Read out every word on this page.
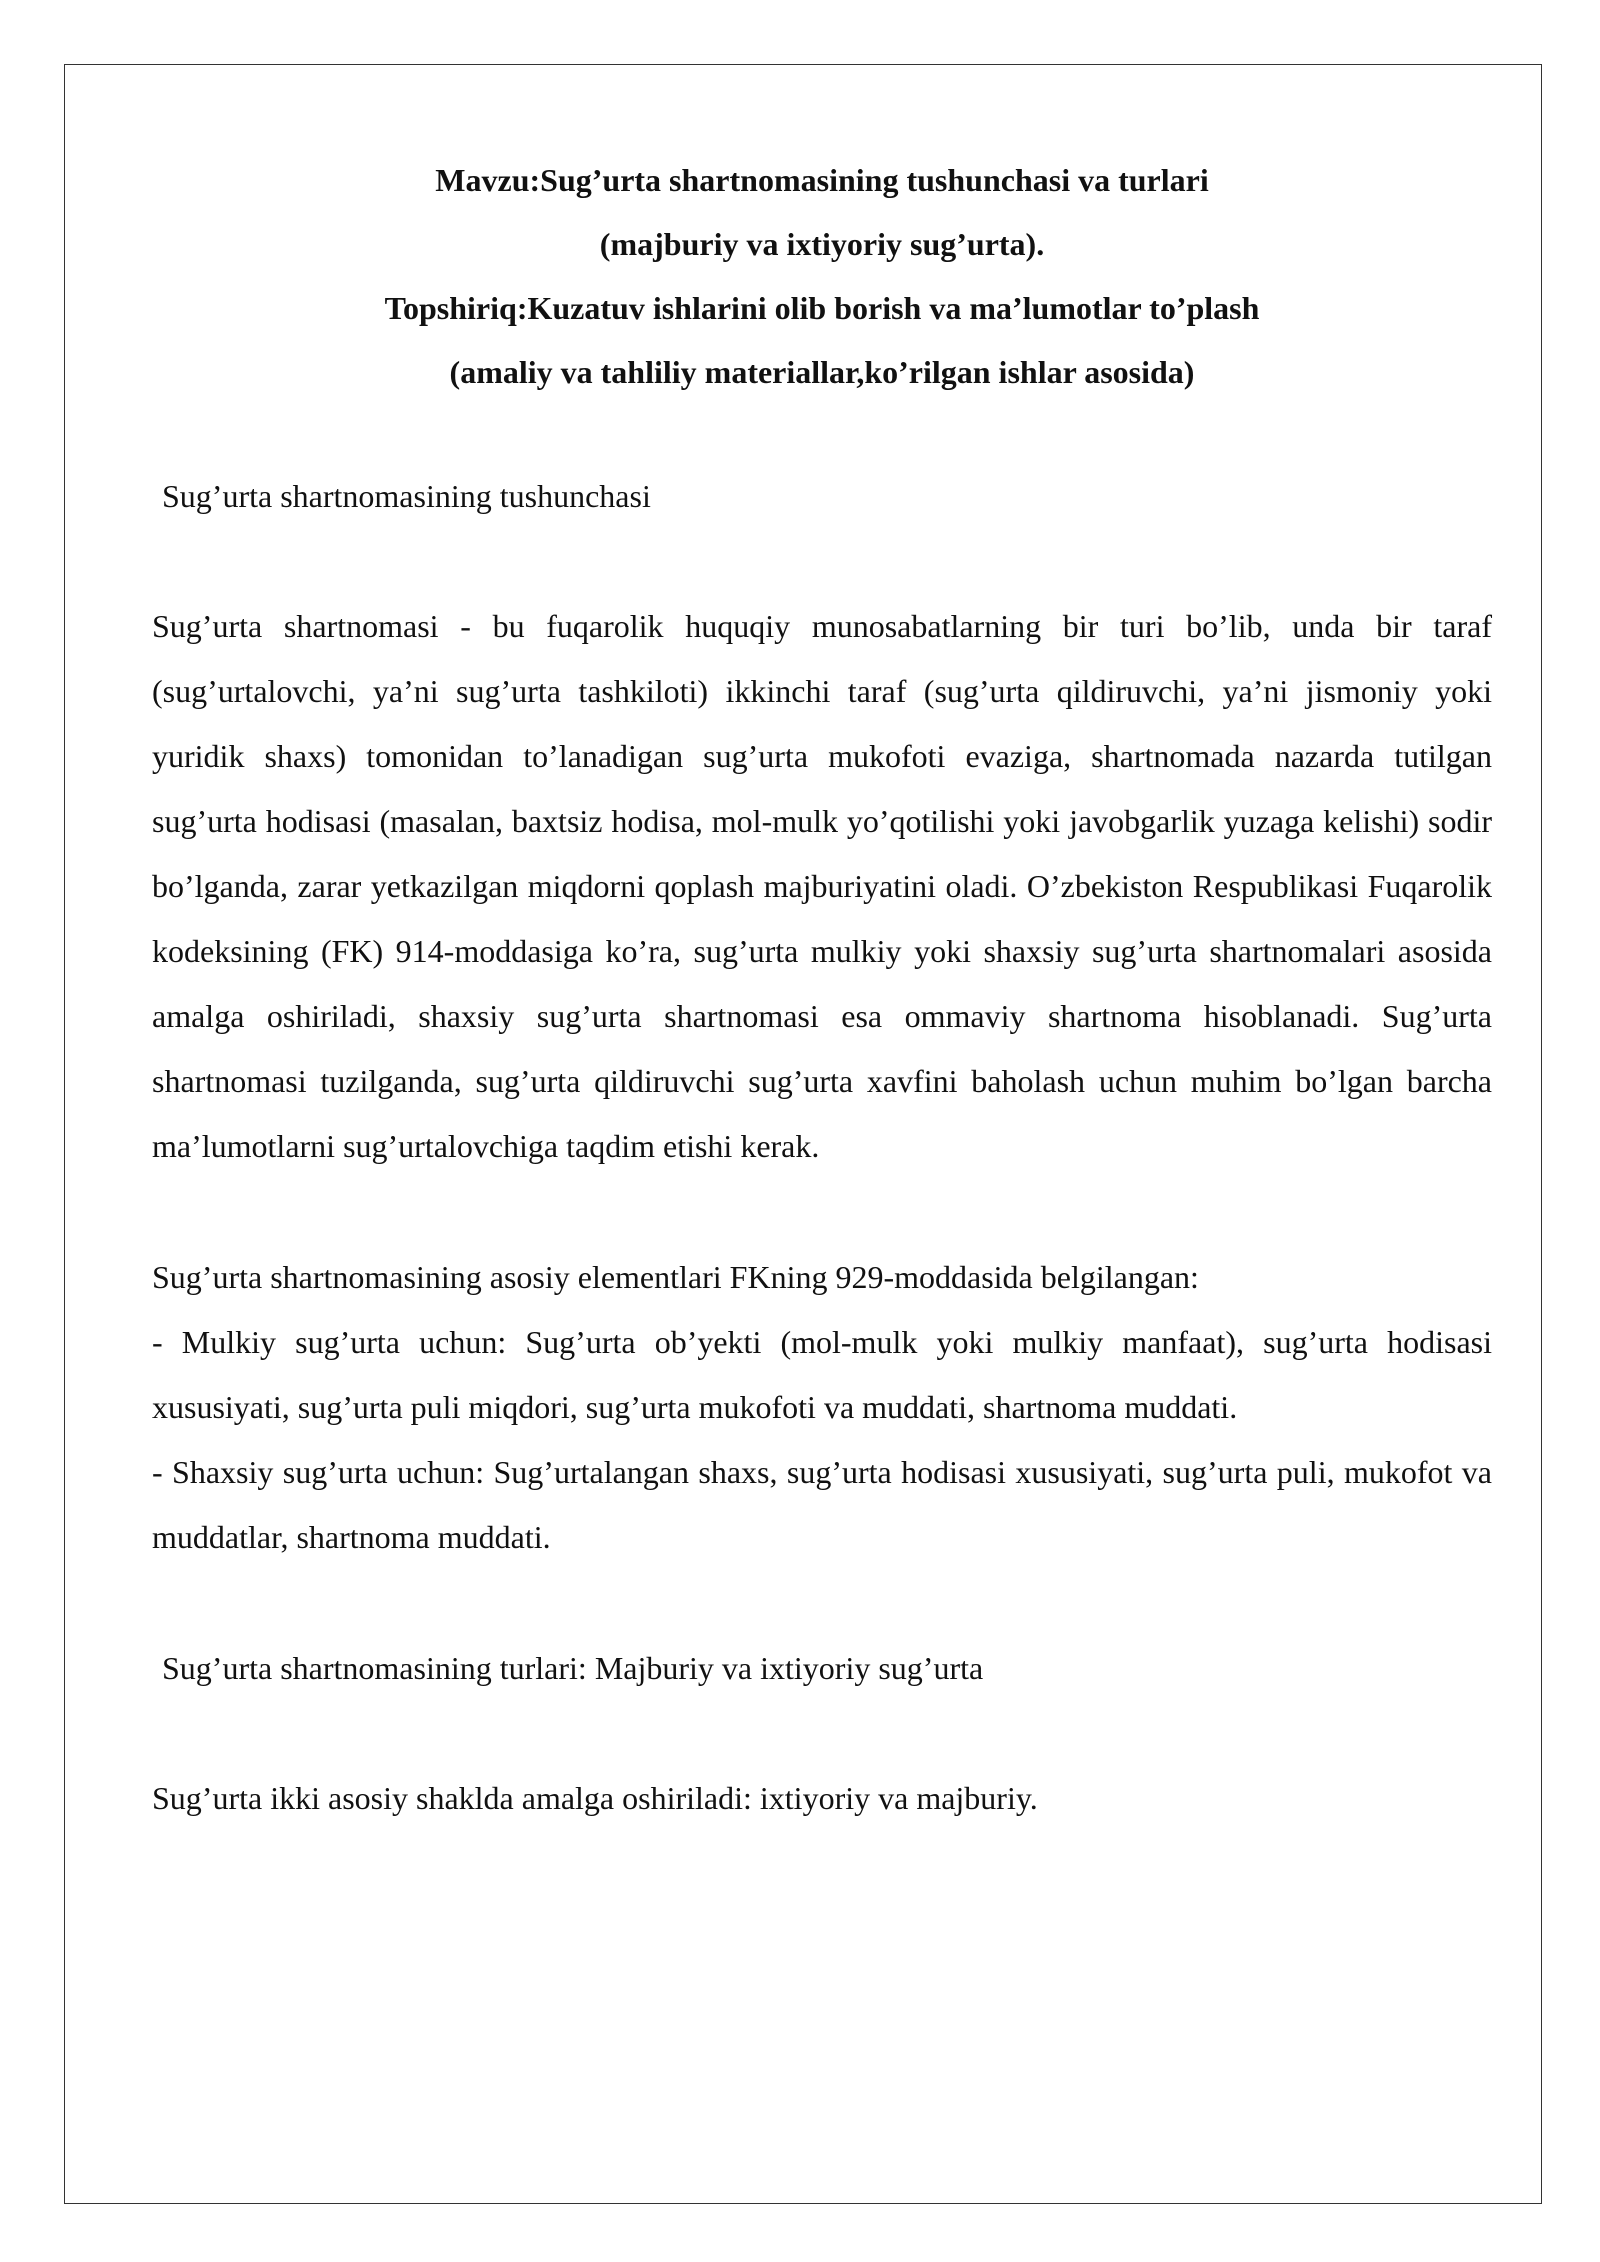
Mavzu:Sug’urta shartnomasining tushunchasi va turlari
(majburiy va ixtiyoriy sug’urta).
Topshiriq:Kuzatuv ishlarini olib borish va ma’lumotlar to’plash
(amaliy va tahliliy materiallar,ko’rilgan ishlar asosida)

Sug’urta shartnomasining tushunchasi

Sug’urta shartnomasi - bu fuqarolik huquqiy munosabatlarning bir turi bo’lib, unda bir taraf (sug’urtalovchi, ya’ni sug’urta tashkiloti) ikkinchi taraf (sug’urta qildiruvchi, ya’ni jismoniy yoki yuridik shaxs) tomonidan to’lanadigan sug’urta mukofoti evaziga, shartnomada nazarda tutilgan sug’urta hodisasi (masalan, baxtsiz hodisa, mol-mulk yo’qotilishi yoki javobgarlik yuzaga kelishi) sodir bo’lganda, zarar yetkazilgan miqdorni qoplash majburiyatini oladi. O’zbekiston Respublikasi Fuqarolik kodeksining (FK) 914-moddasiga ko’ra, sug’urta mulkiy yoki shaxsiy sug’urta shartnomalari asosida amalga oshiriladi, shaxsiy sug’urta shartnomasi esa ommaviy shartnoma hisoblanadi. Sug’urta shartnomasi tuzilganda, sug’urta qildiruvchi sug’urta xavfini baholash uchun muhim bo’lgan barcha ma’lumotlarni sug’urtalovchiga taqdim etishi kerak.

Sug’urta shartnomasining asosiy elementlari FKning 929-moddasida belgilangan:

- Mulkiy sug’urta uchun: Sug’urta ob’yekti (mol-mulk yoki mulkiy manfaat), sug’urta hodisasi xususiyati, sug’urta puli miqdori, sug’urta mukofoti va muddati, shartnoma muddati.

- Shaxsiy sug’urta uchun: Sug’urtalangan shaxs, sug’urta hodisasi xususiyati, sug’urta puli, mukofot va muddatlar, shartnoma muddati.

Sug’urta shartnomasining turlari: Majburiy va ixtiyoriy sug’urta

Sug’urta ikki asosiy shaklda amalga oshiriladi: ixtiyoriy va majburiy.
